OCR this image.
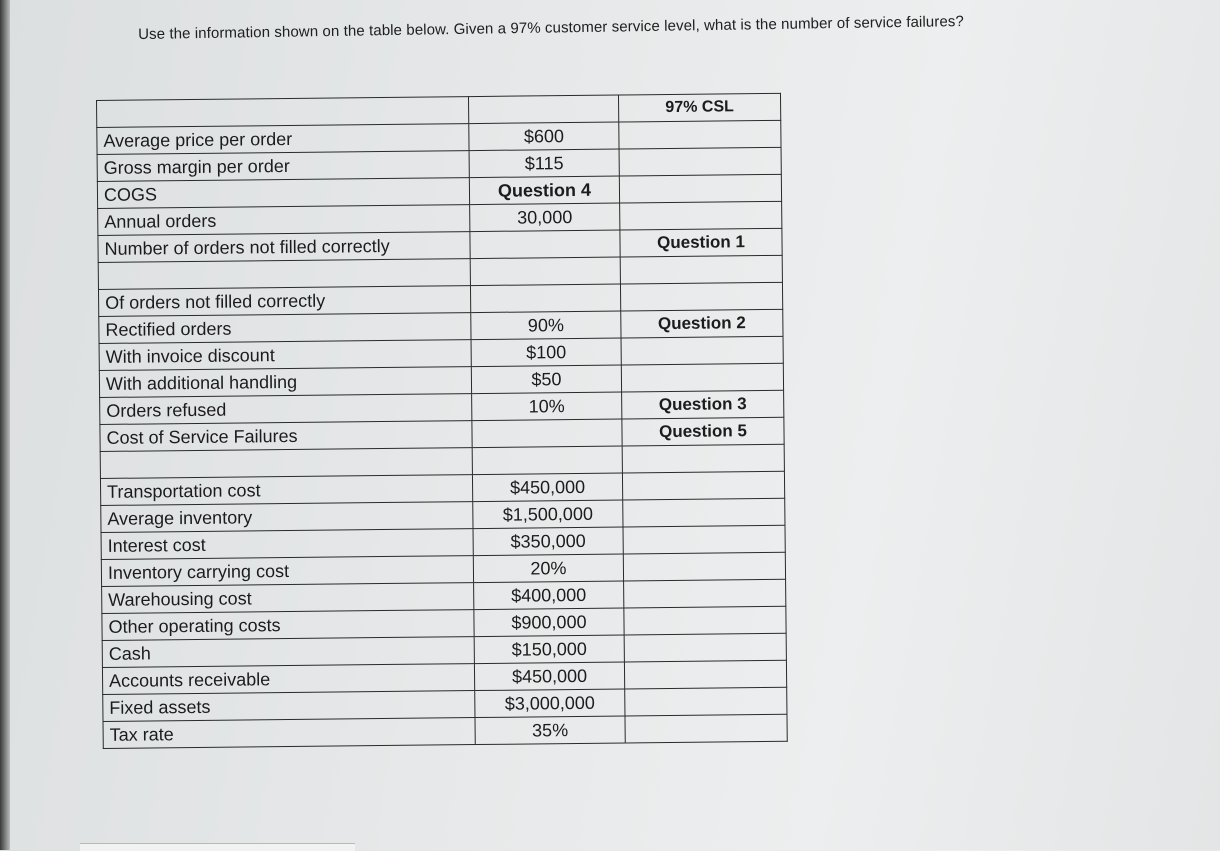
Use the information shown on the table below. Given a 97% customer service level, what is the number of service failures?
		97% CSL
Average price per order	$600	
Gross margin per order	$115	
COGS	Question 4	
Annual orders	30,000	
Number of orders not filled correctly		Question 1

Of orders not filled correctly		
Rectified orders	90%	Question 2
With invoice discount	$100	
With additional handling	$50	
Orders refused	10%	Question 3
Cost of Service Failures		Question 5

Transportation cost	$450,000	
Average inventory	$1,500,000	
Interest cost	$350,000	
Inventory carrying cost	20%	
Warehousing cost	$400,000	
Other operating costs	$900,000	
Cash	$150,000	
Accounts receivable	$450,000	
Fixed assets	$3,000,000	
Tax rate	35%	
